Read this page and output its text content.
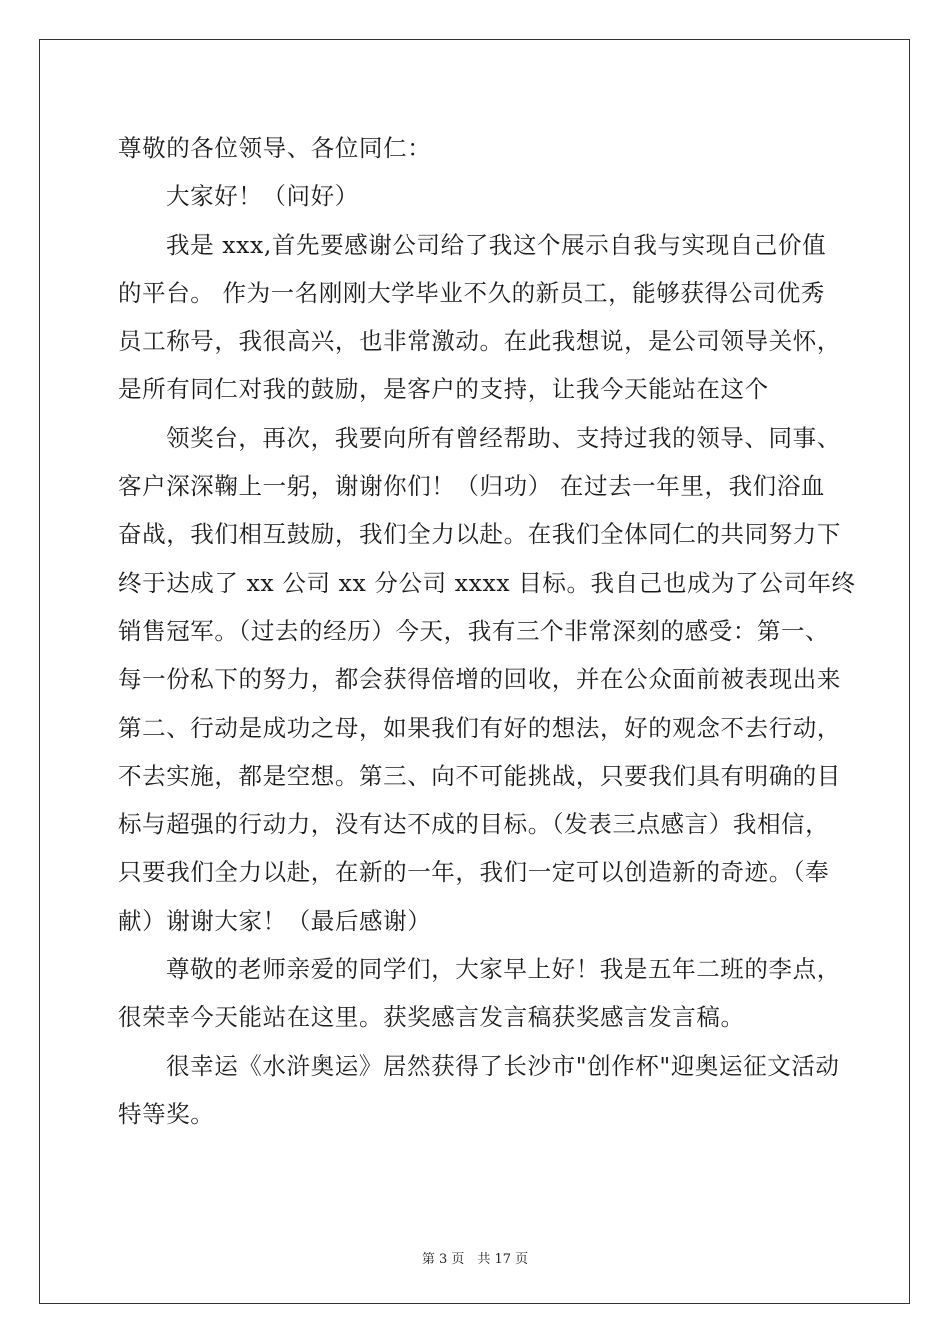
尊敬的各位领导、各位同仁：
大家好！（问好）
我是 xxx,首先要感谢公司给了我这个展示自我与实现自己价值
的平台。 作为一名刚刚大学毕业不久的新员工，能够获得公司优秀
员工称号，我很高兴，也非常激动。在此我想说，是公司领导关怀，
是所有同仁对我的鼓励，是客户的支持，让我今天能站在这个
领奖台，再次，我要向所有曾经帮助、支持过我的领导、同事、
客户深深鞠上一躬，谢谢你们！（归功） 在过去一年里，我们浴血
奋战，我们相互鼓励，我们全力以赴。在我们全体同仁的共同努力下
终于达成了 xx 公司 xx 分公司 xxxx 目标。我自己也成为了公司年终
销售冠军。（过去的经历）今天，我有三个非常深刻的感受：第一、
每一份私下的努力，都会获得倍增的回收，并在公众面前被表现出来
第二、行动是成功之母，如果我们有好的想法，好的观念不去行动，
不去实施，都是空想。第三、向不可能挑战，只要我们具有明确的目
标与超强的行动力，没有达不成的目标。（发表三点感言）我相信，
只要我们全力以赴，在新的一年，我们一定可以创造新的奇迹。（奉
献）谢谢大家！（最后感谢）
尊敬的老师亲爱的同学们，大家早上好！我是五年二班的李点，
很荣幸今天能站在这里。获奖感言发言稿获奖感言发言稿。
很幸运《水浒奥运》居然获得了长沙市"创作杯"迎奥运征文活动
特等奖。
第 3 页　共 17 页
